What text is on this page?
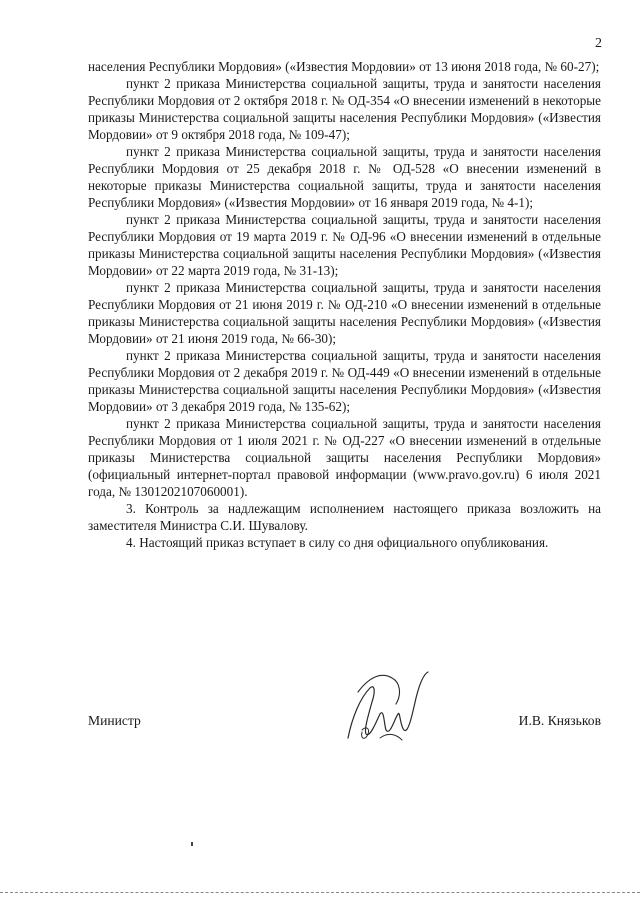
2

населения Республики Мордовия» («Известия Мордовии» от 13 июня 2018 года, № 60-27);

пункт 2 приказа Министерства социальной защиты, труда и занятости населения Республики Мордовия от 2 октября 2018 г. № ОД-354 «О внесении изменений в некоторые приказы Министерства социальной защиты населения Республики Мордовия» («Известия Мордовии» от 9 октября 2018 года, № 109-47);

пункт 2 приказа Министерства социальной защиты, труда и занятости населения Республики Мордовия от 25 декабря 2018 г. № ОД-528 «О внесении изменений в некоторые приказы Министерства социальной защиты, труда и занятости населения Республики Мордовия» («Известия Мордовии» от 16 января 2019 года, № 4-1);

пункт 2 приказа Министерства социальной защиты, труда и занятости населения Республики Мордовия от 19 марта 2019 г. № ОД-96 «О внесении изменений в отдельные приказы Министерства социальной защиты населения Республики Мордовия» («Известия Мордовии» от 22 марта 2019 года, № 31-13);

пункт 2 приказа Министерства социальной защиты, труда и занятости населения Республики Мордовия от 21 июня 2019 г. № ОД-210 «О внесении изменений в отдельные приказы Министерства социальной защиты населения Республики Мордовия» («Известия Мордовии» от 21 июня 2019 года, № 66-30);

пункт 2 приказа Министерства социальной защиты, труда и занятости населения Республики Мордовия от 2 декабря 2019 г. № ОД-449 «О внесении изменений в отдельные приказы Министерства социальной защиты населения Республики Мордовия» («Известия Мордовии» от 3 декабря 2019 года, № 135-62);

пункт 2 приказа Министерства социальной защиты, труда и занятости населения Республики Мордовия от 1 июля 2021 г. № ОД-227 «О внесении изменений в отдельные приказы Министерства социальной защиты населения Республики Мордовия» (официальный интернет-портал правовой информации (www.pravo.gov.ru) 6 июля 2021 года, № 1301202107060001).

3. Контроль за надлежащим исполнением настоящего приказа возложить на заместителя Министра С.И. Шувалову.

4. Настоящий приказ вступает в силу со дня официального опубликования.

Министр	И.В. Князьков
